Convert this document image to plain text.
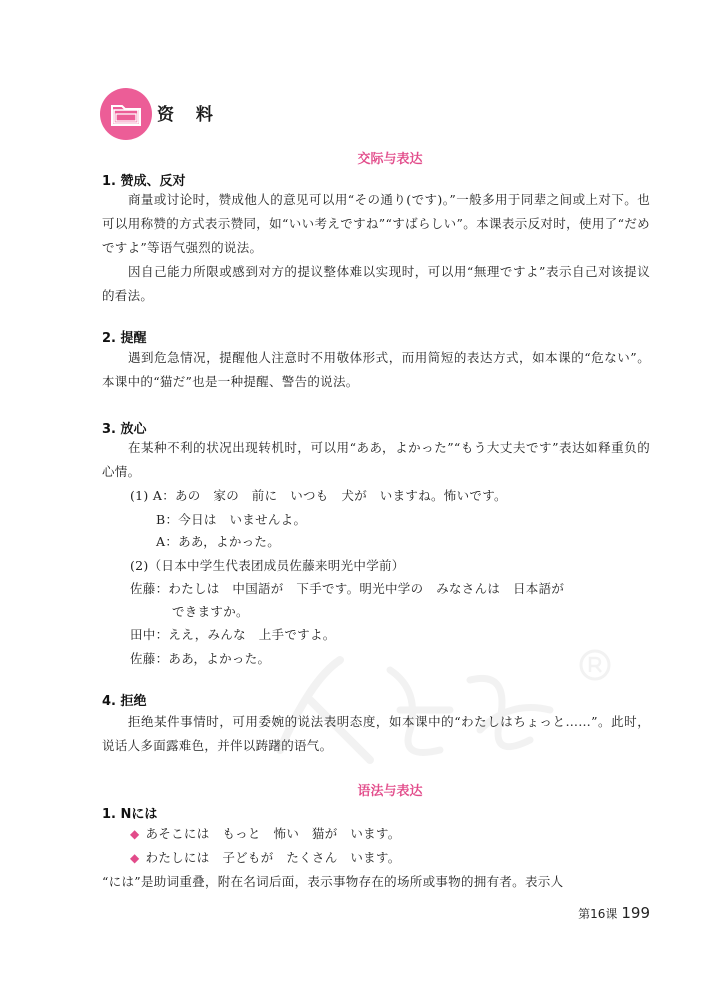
资 料
交际与表达
1. 赞成、反对
商量或讨论时，赞成他人的意见可以用“その通り(です)。”一般多用于同辈之间或上对下。也可以用称赞的方式表示赞同，如“いい考えですね”“すばらしい”。本课表示反对时，使用了“だめですよ”等语气强烈的说法。
因自己能力所限或感到对方的提议整体难以实现时，可以用“無理ですよ”表示自己对该提议的看法。
2. 提醒
遇到危急情况，提醒他人注意时不用敬体形式，而用简短的表达方式，如本课的“危ない”。本课中的“猫だ”也是一种提醒、警告的说法。
3. 放心
在某种不利的状况出现转机时，可以用“ああ，よかった”“もう大丈夫です”表达如释重负的心情。
(1) A：あの　家の　前に　いつも　犬が　いますね。怖いです。
B：今日は　いませんよ。
A：ああ，よかった。
(2)（日本中学生代表团成员佐藤来明光中学前）
佐藤：わたしは　中国語が　下手です。明光中学の　みなさんは　日本語が
できますか。
田中：ええ，みんな　上手ですよ。
佐藤：ああ，よかった。
4. 拒绝
拒绝某件事情时，可用委婉的说法表明态度，如本课中的“わたしはちょっと……”。此时，说话人多面露难色，并伴以踌躇的语气。
语法与表达
1. Nには
◆ あそこには　もっと　怖い　猫が　います。
◆ わたしには　子どもが　たくさん　います。
“には”是助词重叠，附在名词后面，表示事物存在的场所或事物的拥有者。表示人
第16课 199
